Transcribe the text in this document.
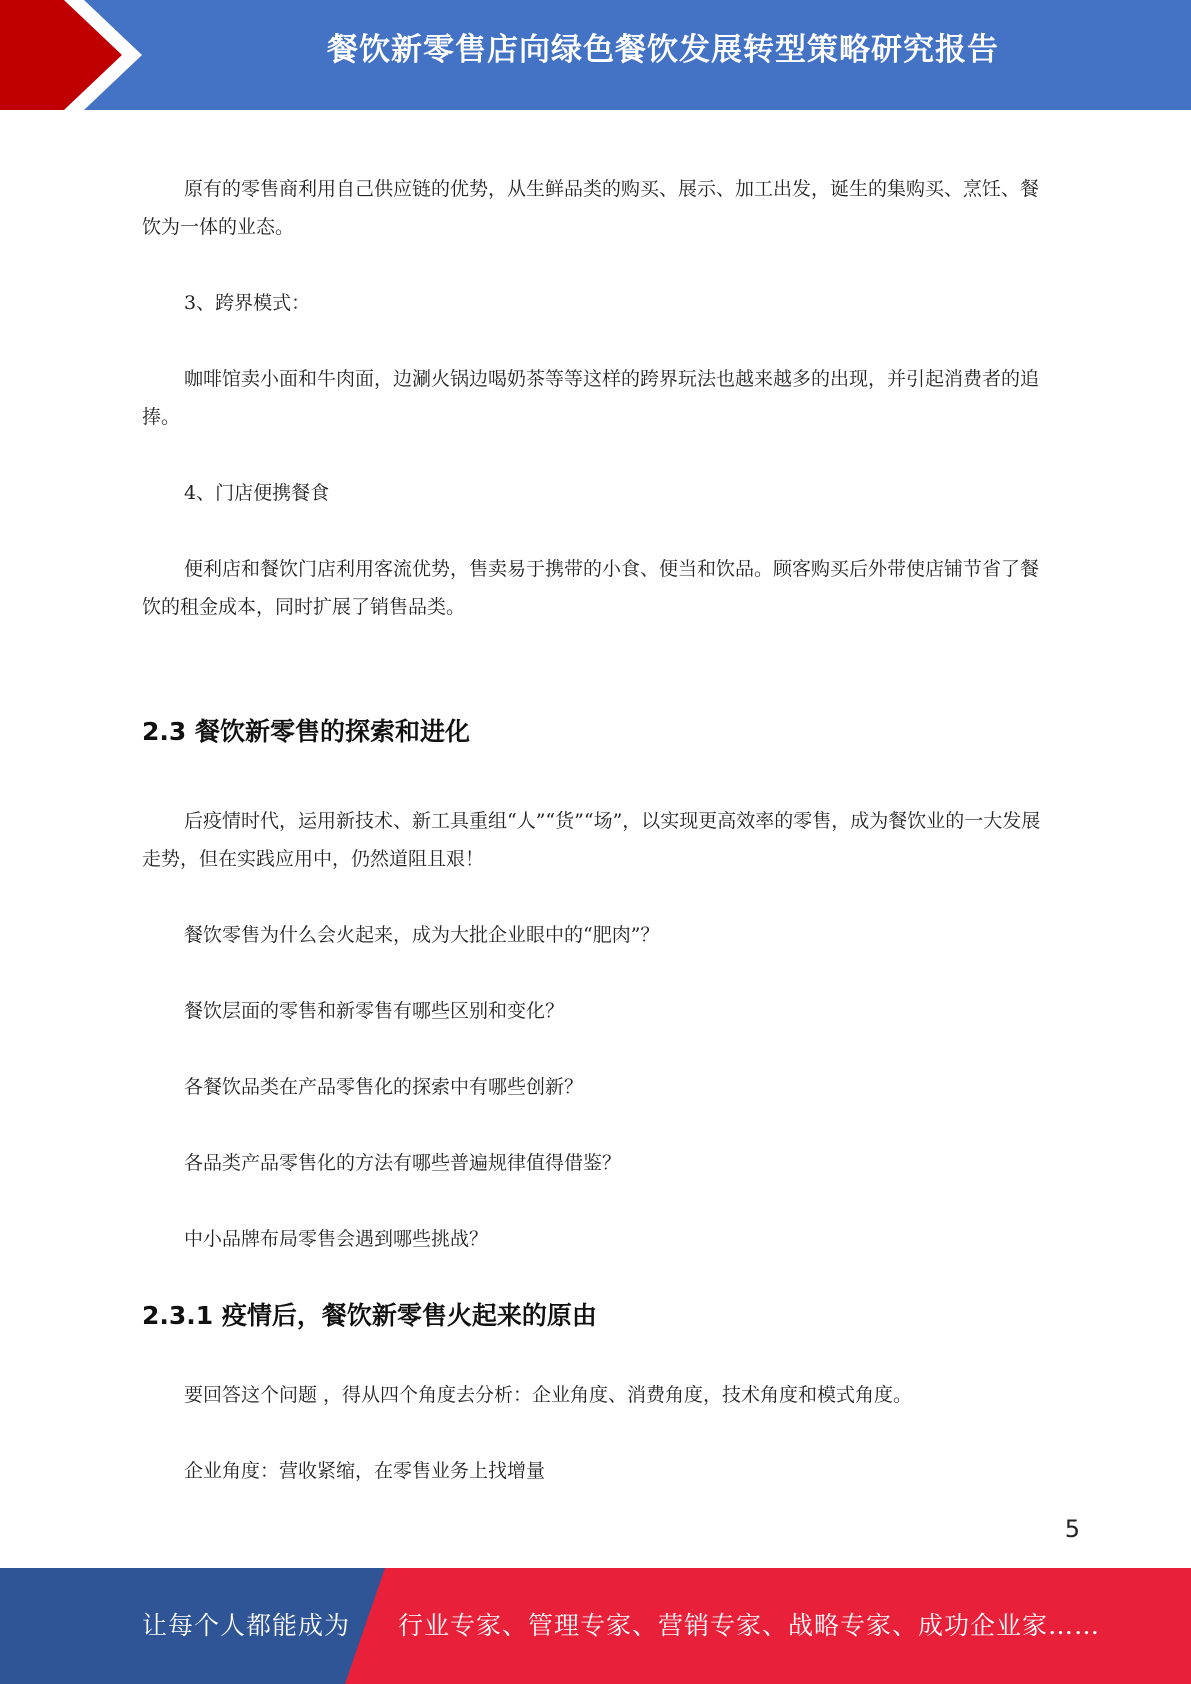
餐饮新零售店向绿色餐饮发展转型策略研究报告

原有的零售商利用自己供应链的优势，从生鲜品类的购买、展示、加工出发，诞生的集购买、烹饪、餐饮为一体的业态。

3、跨界模式：

咖啡馆卖小面和牛肉面，边涮火锅边喝奶茶等等这样的跨界玩法也越来越多的出现，并引起消费者的追捧。

4、门店便携餐食

便利店和餐饮门店利用客流优势，售卖易于携带的小食、便当和饮品。顾客购买后外带使店铺节省了餐饮的租金成本，同时扩展了销售品类。

2.3 餐饮新零售的探索和进化

后疫情时代，运用新技术、新工具重组“人”“货”“场”，以实现更高效率的零售，成为餐饮业的一大发展走势，但在实践应用中，仍然道阻且艰！

餐饮零售为什么会火起来，成为大批企业眼中的“肥肉”？

餐饮层面的零售和新零售有哪些区别和变化？

各餐饮品类在产品零售化的探索中有哪些创新？

各品类产品零售化的方法有哪些普遍规律值得借鉴？

中小品牌布局零售会遇到哪些挑战？

2.3.1 疫情后，餐饮新零售火起来的原由

要回答这个问题 ，得从四个角度去分析：企业角度、消费角度，技术角度和模式角度。

企业角度：营收紧缩，在零售业务上找增量

5
让每个人都能成为 行业专家、管理专家、营销专家、战略专家、成功企业家……
